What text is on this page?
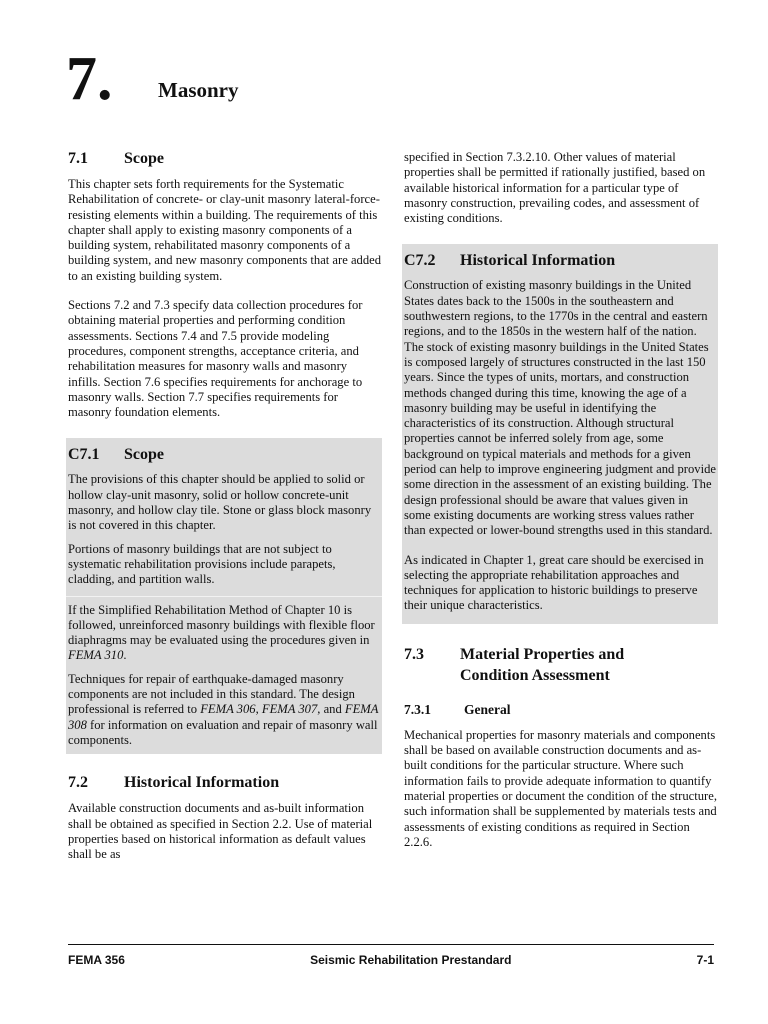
7. Masonry
7.1	Scope

This chapter sets forth requirements for the Systematic Rehabilitation of concrete- or clay-unit masonry lateral-force-resisting elements within a building. The requirements of this chapter shall apply to existing masonry components of a building system, rehabilitated masonry components of a building system, and new masonry components that are added to an existing building system.

Sections 7.2 and 7.3 specify data collection procedures for obtaining material properties and performing condition assessments. Sections 7.4 and 7.5 provide modeling procedures, component strengths, acceptance criteria, and rehabilitation measures for masonry walls and masonry infills. Section 7.6 specifies requirements for anchorage to masonry walls. Section 7.7 specifies requirements for masonry foundation elements.

C7.1	Scope

The provisions of this chapter should be applied to solid or hollow clay-unit masonry, solid or hollow concrete-unit masonry, and hollow clay tile. Stone or glass block masonry is not covered in this chapter.

Portions of masonry buildings that are not subject to systematic rehabilitation provisions include parapets, cladding, and partition walls.

If the Simplified Rehabilitation Method of Chapter 10 is followed, unreinforced masonry buildings with flexible floor diaphragms may be evaluated using the procedures given in FEMA 310.

Techniques for repair of earthquake-damaged masonry components are not included in this standard. The design professional is referred to FEMA 306, FEMA 307, and FEMA 308 for information on evaluation and repair of masonry wall components.

7.2	Historical Information

Available construction documents and as-built information shall be obtained as specified in Section 2.2. Use of material properties based on historical information as default values shall be as

specified in Section 7.3.2.10. Other values of material properties shall be permitted if rationally justified, based on available historical information for a particular type of masonry construction, prevailing codes, and assessment of existing conditions.

C7.2	Historical Information

Construction of existing masonry buildings in the United States dates back to the 1500s in the southeastern and southwestern regions, to the 1770s in the central and eastern regions, and to the 1850s in the western half of the nation. The stock of existing masonry buildings in the United States is composed largely of structures constructed in the last 150 years. Since the types of units, mortars, and construction methods changed during this time, knowing the age of a masonry building may be useful in identifying the characteristics of its construction. Although structural properties cannot be inferred solely from age, some background on typical materials and methods for a given period can help to improve engineering judgment and provide some direction in the assessment of an existing building. The design professional should be aware that values given in some existing documents are working stress values rather than expected or lower-bound strengths used in this standard.

As indicated in Chapter 1, great care should be exercised in selecting the appropriate rehabilitation approaches and techniques for application to historic buildings to preserve their unique characteristics.

7.3	Material Properties and
Condition Assessment
7.3.1	General

Mechanical properties for masonry materials and components shall be based on available construction documents and as-built conditions for the particular structure. Where such information fails to provide adequate information to quantify material properties or document the condition of the structure, such information shall be supplemented by materials tests and assessments of existing conditions as required in Section 2.2.6.

FEMA 356	Seismic Rehabilitation Prestandard	7-1
